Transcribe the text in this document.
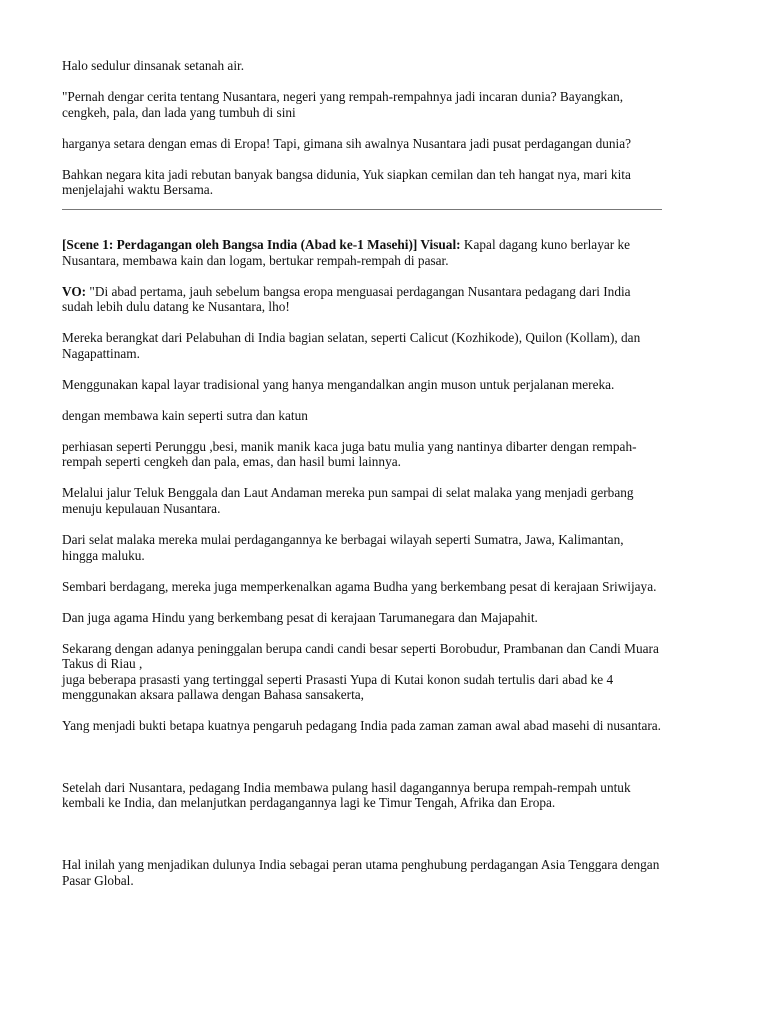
Halo sedulur dinsanak setanah air.

"Pernah dengar cerita tentang Nusantara, negeri yang rempah-rempahnya jadi incaran dunia? Bayangkan, cengkeh, pala, dan lada yang tumbuh di sini

harganya setara dengan emas di Eropa! Tapi, gimana sih awalnya Nusantara jadi pusat perdagangan dunia?

Bahkan negara kita jadi rebutan banyak bangsa didunia, Yuk siapkan cemilan dan teh hangat nya, mari kita menjelajahi waktu Bersama.

[Scene 1: Perdagangan oleh Bangsa India (Abad ke-1 Masehi)] Visual: Kapal dagang kuno berlayar ke Nusantara, membawa kain dan logam, bertukar rempah-rempah di pasar.

VO: "Di abad pertama, jauh sebelum bangsa eropa menguasai perdagangan Nusantara pedagang dari India sudah lebih dulu datang ke Nusantara, lho!

Mereka berangkat dari Pelabuhan di India bagian selatan, seperti Calicut (Kozhikode), Quilon (Kollam), dan Nagapattinam.

Menggunakan kapal layar tradisional yang hanya mengandalkan angin muson untuk perjalanan mereka.

dengan membawa kain seperti sutra dan katun

perhiasan seperti Perunggu ,besi, manik manik kaca juga batu mulia yang nantinya dibarter dengan rempah-rempah seperti cengkeh dan pala, emas, dan hasil bumi lainnya.

Melalui jalur Teluk Benggala dan Laut Andaman mereka pun sampai di selat malaka yang menjadi gerbang menuju kepulauan Nusantara.

Dari selat malaka mereka mulai perdagangannya ke berbagai wilayah seperti Sumatra, Jawa, Kalimantan, hingga maluku.

Sembari berdagang, mereka juga memperkenalkan agama Budha yang berkembang pesat di kerajaan Sriwijaya.

Dan juga agama Hindu yang berkembang pesat di kerajaan Tarumanegara dan Majapahit.

Sekarang dengan adanya peninggalan berupa candi candi besar seperti Borobudur, Prambanan dan Candi Muara Takus di Riau ,

juga beberapa prasasti yang tertinggal seperti Prasasti Yupa di Kutai konon sudah tertulis dari abad ke 4 menggunakan aksara pallawa dengan Bahasa sansakerta,

Yang menjadi bukti betapa kuatnya pengaruh pedagang India pada zaman zaman awal abad masehi di nusantara.

Setelah dari Nusantara, pedagang India membawa pulang hasil dagangannya berupa rempah-rempah untuk kembali ke India, dan melanjutkan perdagangannya lagi ke Timur Tengah, Afrika dan Eropa.

Hal inilah yang menjadikan dulunya India sebagai peran utama penghubung perdagangan Asia Tenggara dengan Pasar Global.
